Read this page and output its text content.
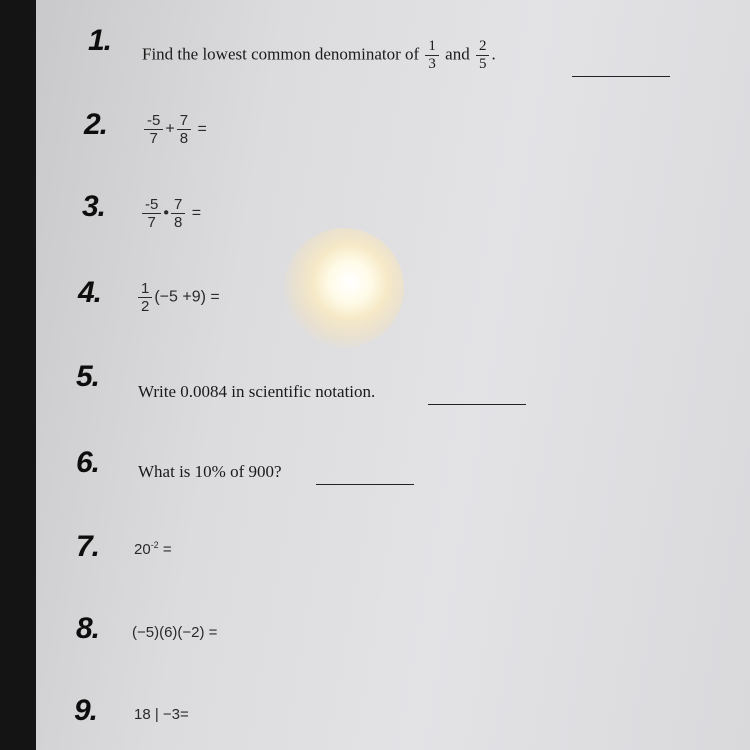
1. Find the lowest common denominator of $\frac{1}{3}$ and $\frac{2}{5}$ .
2. $\frac{-5}{7} + \frac{7}{8}$ =
3. $\frac{-5}{7}$ • $\frac{7}{8}$ =
4. $\frac{1}{2} (-5 +9)$ =
5. Write 0.0084 in scientific notation.
6. What is 10% of 900?
7. $20^{-2}$ =
8. (−5)(6)(−2) =
9. 18 | −3=
